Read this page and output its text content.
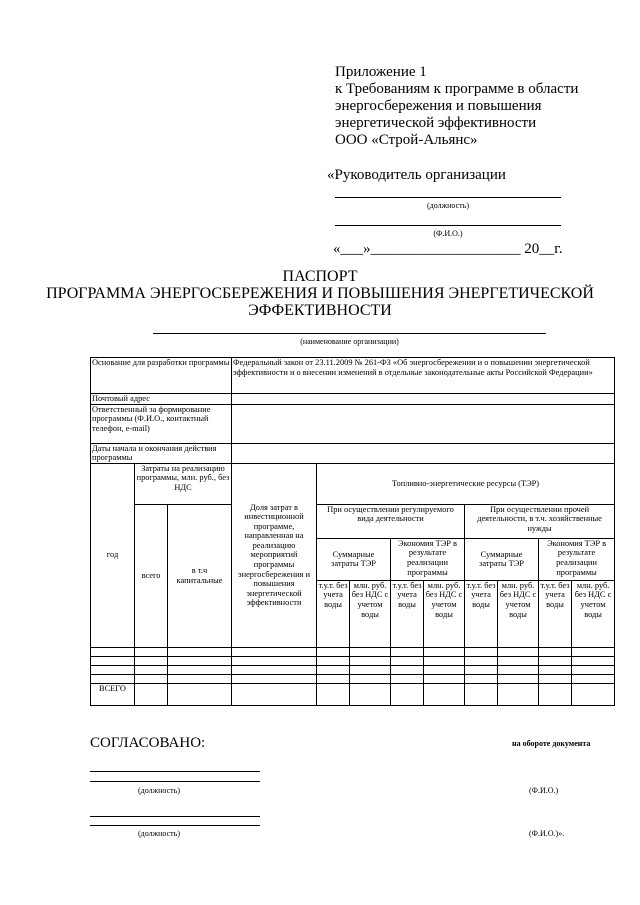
Приложение 1
к Требованиям к программе в области
энергосбережения и повышения
энергетической эффективности
ООО «Строй-Альянс»
«Руководитель организации
(должность)
(Ф.И.О.)
«___»____________________ 20__г.
ПАСПОРТ
ПРОГРАММА ЭНЕРГОСБЕРЕЖЕНИЯ И ПОВЫШЕНИЯ ЭНЕРГЕТИЧЕСКОЙ
ЭФФЕКТИВНОСТИ
(наименование организации)
Основание для разработки программы			Федеральный закон от 23.11.2009 № 261-ФЗ «Об энергосбережении и о повышении энергетической эффективности и о внесении изменений в отдельные законодательные акты Российской Федерации»								
Почтовый адрес											
Ответственный за формирование программы (Ф.И.О., контактный телефон, e-mail)											
Даты начала и окончания действия программы											
год	Затраты на реализацию программы, млн. руб., без НДС		Доля затрат в инвестиционной программе, направленная на реализацию мероприятий программы энергосбережения и повышения энергетической эффективности	Топливно-энергетические ресурсы (ТЭР)							
	всего	в т.ч капитальные		При осуществлении регулируемого вида деятельности				При осуществлении прочей деятельности, в т.ч. хозяйственные нужды			
				Суммарные затраты ТЭР		Экономия ТЭР в результате реализации программы		Суммарные затраты ТЭР		Экономия ТЭР в результате реализации программы	
				т.у.т. без учета воды	млн. руб. без НДС с учетом воды	т.у.т. без учета воды	млн. руб. без НДС с учетом воды	т.у.т. без учета воды	млн. руб. без НДС с учетом воды	т.у.т. без учета воды	млн. руб. без НДС с учетом воды

ВСЕГО											
СОГЛАСОВАНО:	на обороте документа
(должность)	(Ф.И.О.)
(должность)	(Ф.И.О.)».
